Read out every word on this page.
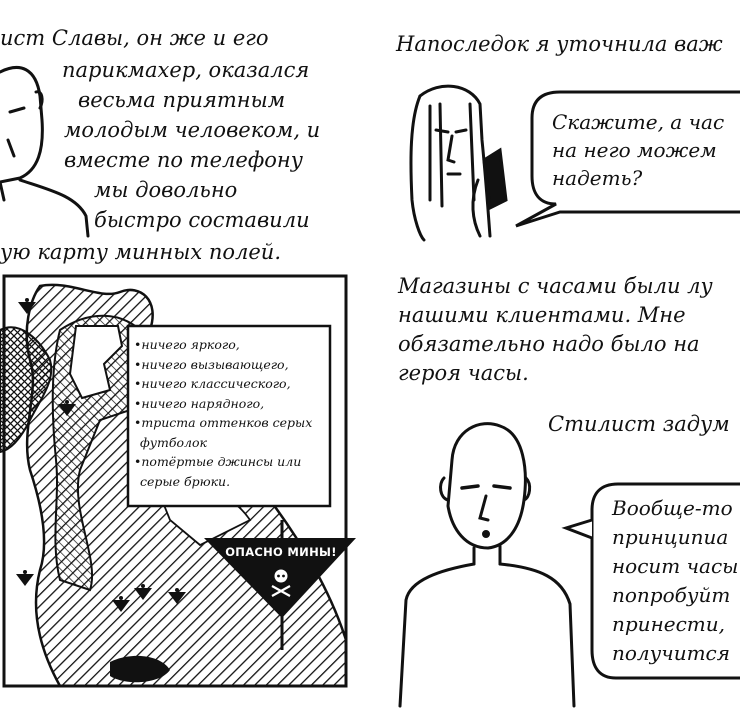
ист Славы, он же и его
парикмахер, оказался
весьма приятным
молодым человеком, и
вместе по телефону
мы довольно
быстро составили
ую карту минных полей.
• ничего яркого,
• ничего вызывающего,
• ничего классического,
• ничего нарядного,
• триста оттенков серых футболок
• потёртые джинсы или серые брюки.
ОПАСНО МИНЫ!
Напоследок я уточнила важ
Скажите, а час
на него можем
надеть?
Магазины с часами были лу
нашими клиентами. Мне
обязательно надо было на
героя часы.
Стилист задум
Вообще-то
принципиа
носит часы
попробуйт
принести,
получится
